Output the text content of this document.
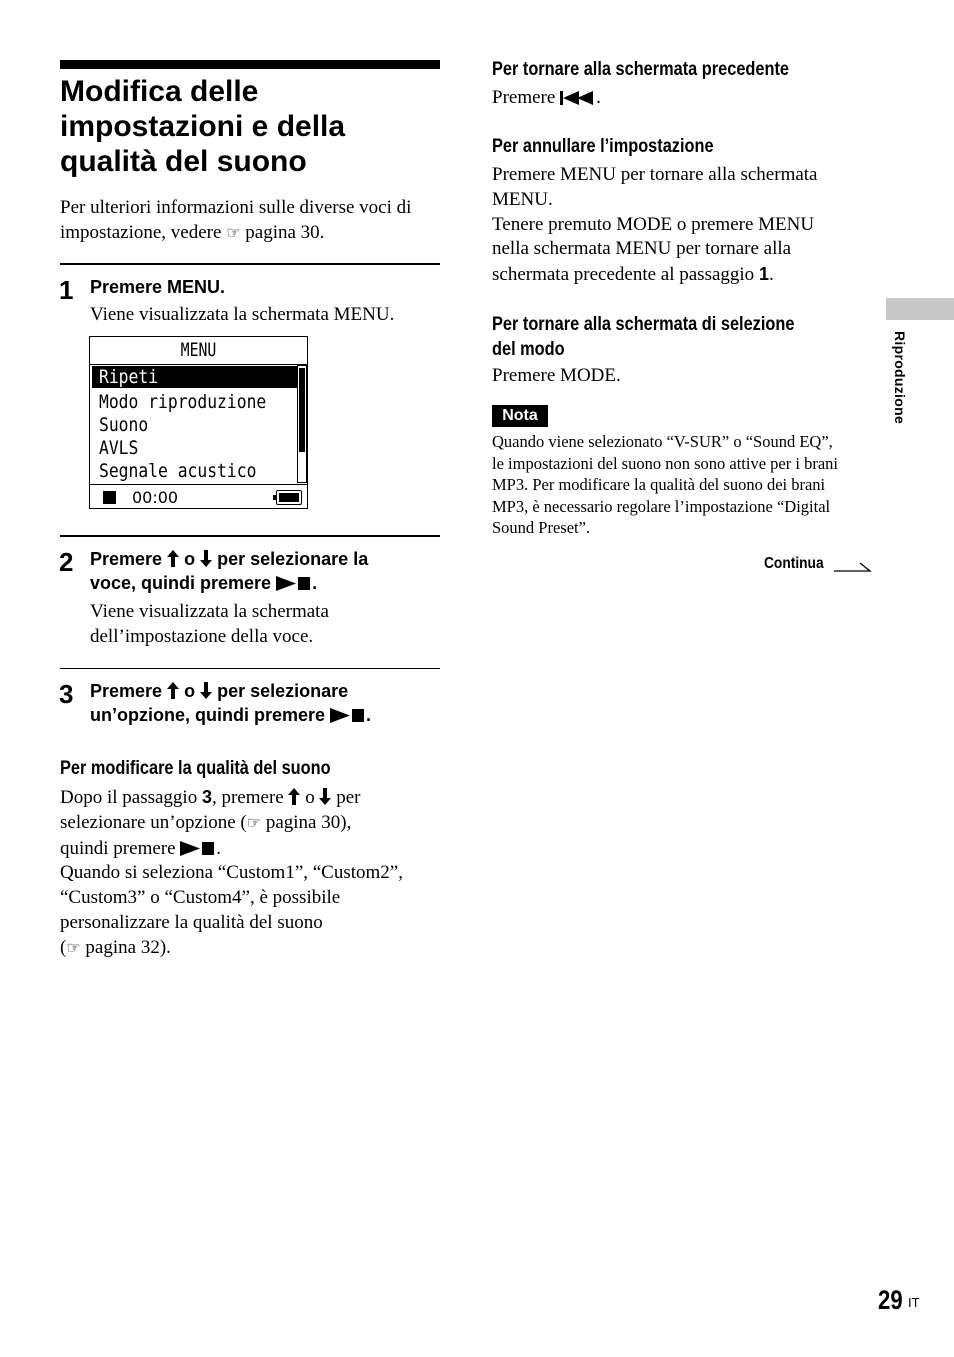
Modifica delle
impostazioni e della
qualità del suono
Per ulteriori informazioni sulle diverse voci di
impostazione, vedere ☞ pagina 30.
1 Premere MENU.
Viene visualizzata la schermata MENU.
MENU
Ripeti
Modo riproduzione
Suono
AVLS
Segnale acustico
00:00
2 Premere o per selezionare la
voce, quindi premere .
Viene visualizzata la schermata
dell’impostazione della voce.
3 Premere o per selezionare
un’opzione, quindi premere .
Per modificare la qualità del suono
Dopo il passaggio 3, premere o per
selezionare un’opzione (☞ pagina 30),
quindi premere .
Quando si seleziona “Custom1”, “Custom2”,
“Custom3” o “Custom4”, è possibile
personalizzare la qualità del suono
(☞ pagina 32).
Per tornare alla schermata precedente
Premere .
Per annullare l’impostazione
Premere MENU per tornare alla schermata
MENU.
Tenere premuto MODE o premere MENU
nella schermata MENU per tornare alla
schermata precedente al passaggio 1.
Per tornare alla schermata di selezione
del modo
Premere MODE.
Nota
Quando viene selezionato “V-SUR” o “Sound EQ”,
le impostazioni del suono non sono attive per i brani
MP3. Per modificare la qualità del suono dei brani
MP3, è necessario regolare l’impostazione “Digital
Sound Preset”.
Continua
Riproduzione
29 IT
